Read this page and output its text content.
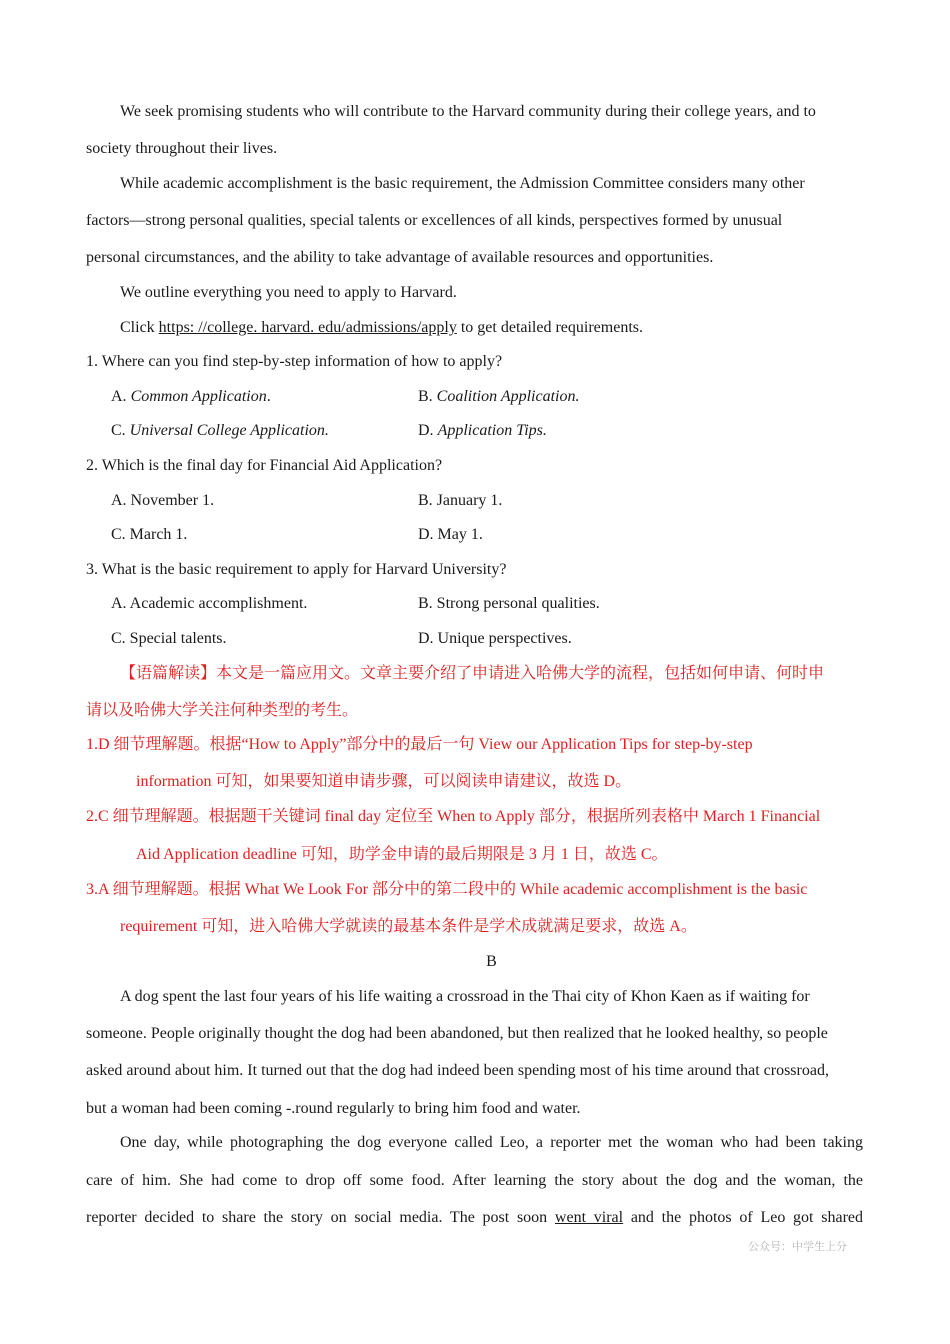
We seek promising students who will contribute to the Harvard community during their college years, and to
society throughout their lives.
While academic accomplishment is the basic requirement, the Admission Committee considers many other
factors—strong personal qualities, special talents or excellences of all kinds, perspectives formed by unusual
personal circumstances, and the ability to take advantage of available resources and opportunities.
We outline everything you need to apply to Harvard.
Click https: //college. harvard. edu/admissions/apply to get detailed requirements.
1. Where can you find step-by-step information of how to apply?
A. Common Application.	B. Coalition Application.
C. Universal College Application.	D. Application Tips.
2. Which is the final day for Financial Aid Application?
A. November 1.	B. January 1.
C. March 1.	D. May 1.
3. What is the basic requirement to apply for Harvard University?
A. Academic accomplishment.	B. Strong personal qualities.
C. Special talents.	D. Unique perspectives.
【语篇解读】本文是一篇应用文。文章主要介绍了申请进入哈佛大学的流程，包括如何申请、何时申
请以及哈佛大学关注何种类型的考生。
1.D 细节理解题。根据“How to Apply”部分中的最后一句 View our Application Tips for step-by-step
information 可知，如果要知道申请步骤，可以阅读申请建议，故选 D。
2.C 细节理解题。根据题干关键词 final day 定位至 When to Apply 部分，根据所列表格中 March 1 Financial
Aid Application deadline 可知，助学金申请的最后期限是 3 月 1 日，故选 C。
3.A 细节理解题。根据 What We Look For 部分中的第二段中的 While academic accomplishment is the basic
requirement 可知，进入哈佛大学就读的最基本条件是学术成就满足要求，故选 A。
B
A dog spent the last four years of his life waiting a crossroad in the Thai city of Khon Kaen as if waiting for
someone. People originally thought the dog had been abandoned, but then realized that he looked healthy, so people
asked around about him. It turned out that the dog had indeed been spending most of his time around that crossroad,
but a woman had been coming -.round regularly to bring him food and water.
One day, while photographing the dog everyone called Leo, a reporter met the woman who had been taking
care of him. She had come to drop off some food. After learning the story about the dog and the woman, the
reporter decided to share the story on social media. The post soon went viral and the photos of Leo got shared
公众号：中学生上分
